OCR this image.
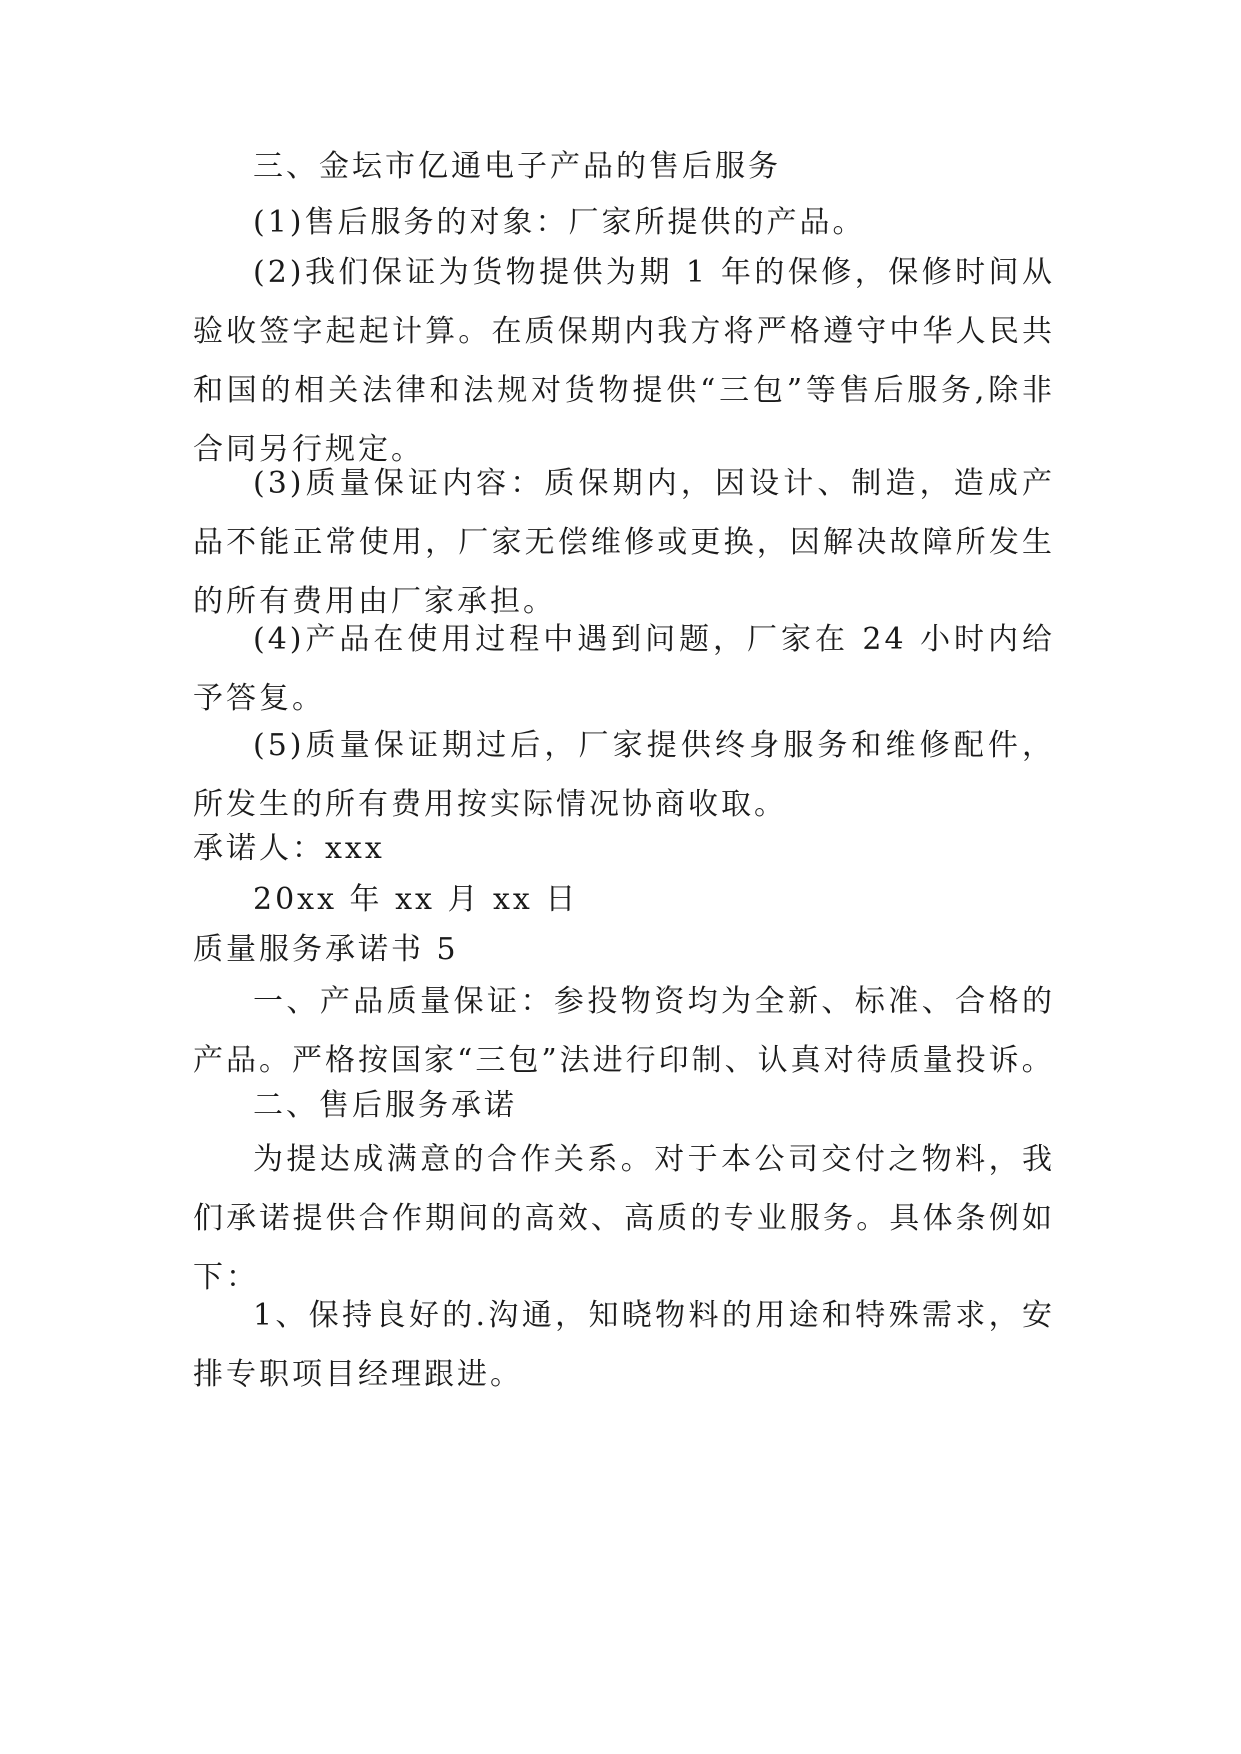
三、金坛市亿通电子产品的售后服务

(1)售后服务的对象：厂家所提供的产品。

(2)我们保证为货物提供为期 1 年的保修，保修时间从验收签字起起计算。在质保期内我方将严格遵守中华人民共和国的相关法律和法规对货物提供“三包”等售后服务,除非合同另行规定。

(3)质量保证内容：质保期内，因设计、制造，造成产品不能正常使用，厂家无偿维修或更换，因解决故障所发生的所有费用由厂家承担。

(4)产品在使用过程中遇到问题，厂家在 24 小时内给予答复。

(5)质量保证期过后，厂家提供终身服务和维修配件，所发生的所有费用按实际情况协商收取。

承诺人：xxx

20xx 年 xx 月 xx 日

质量服务承诺书 5

一、产品质量保证：参投物资均为全新、标准、合格的产品。严格按国家“三包”法进行印制、认真对待质量投诉。

二、售后服务承诺

为提达成满意的合作关系。对于本公司交付之物料，我们承诺提供合作期间的高效、高质的专业服务。具体条例如下：

1、保持良好的.沟通，知晓物料的用途和特殊需求，安排专职项目经理跟进。
